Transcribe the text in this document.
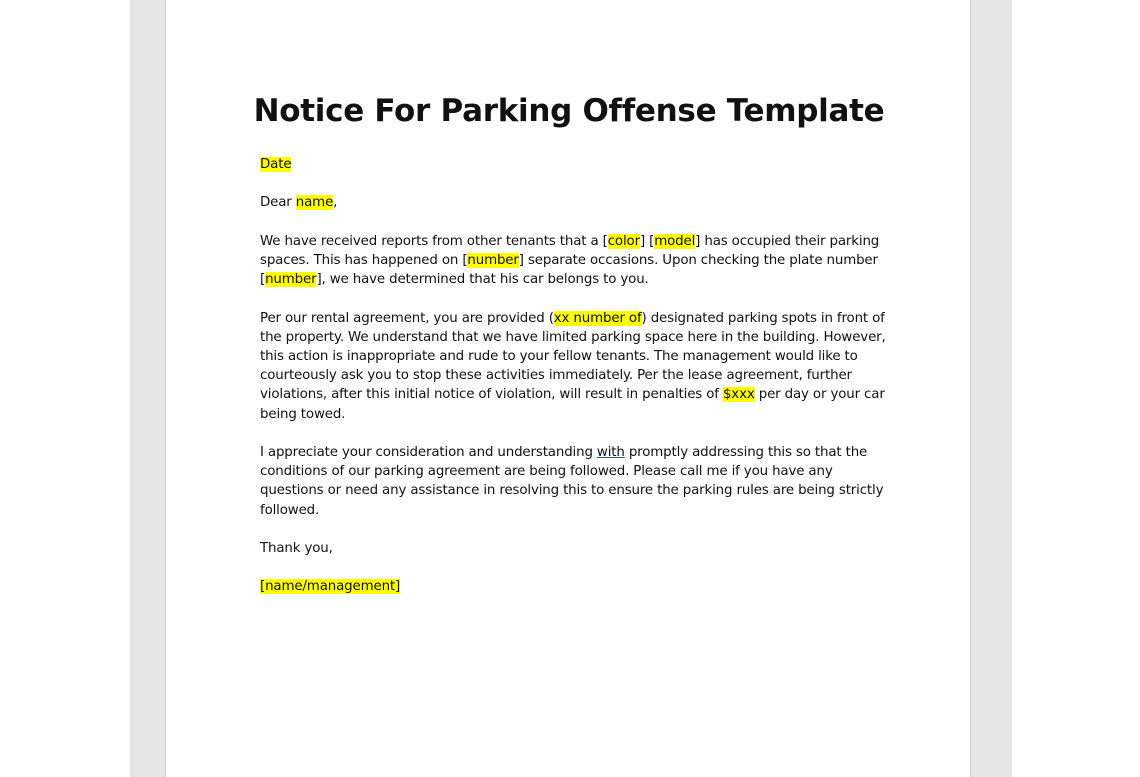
Notice For Parking Offense Template

Date

Dear name,

We have received reports from other tenants that a [color] [model] has occupied their parking spaces. This has happened on [number] separate occasions. Upon checking the plate number [number], we have determined that his car belongs to you.

Per our rental agreement, you are provided (xx number of) designated parking spots in front of the property. We understand that we have limited parking space here in the building. However, this action is inappropriate and rude to your fellow tenants. The management would like to courteously ask you to stop these activities immediately. Per the lease agreement, further violations, after this initial notice of violation, will result in penalties of $xxx per day or your car being towed.

I appreciate your consideration and understanding with promptly addressing this so that the conditions of our parking agreement are being followed. Please call me if you have any questions or need any assistance in resolving this to ensure the parking rules are being strictly followed.

Thank you,

[name/management]
